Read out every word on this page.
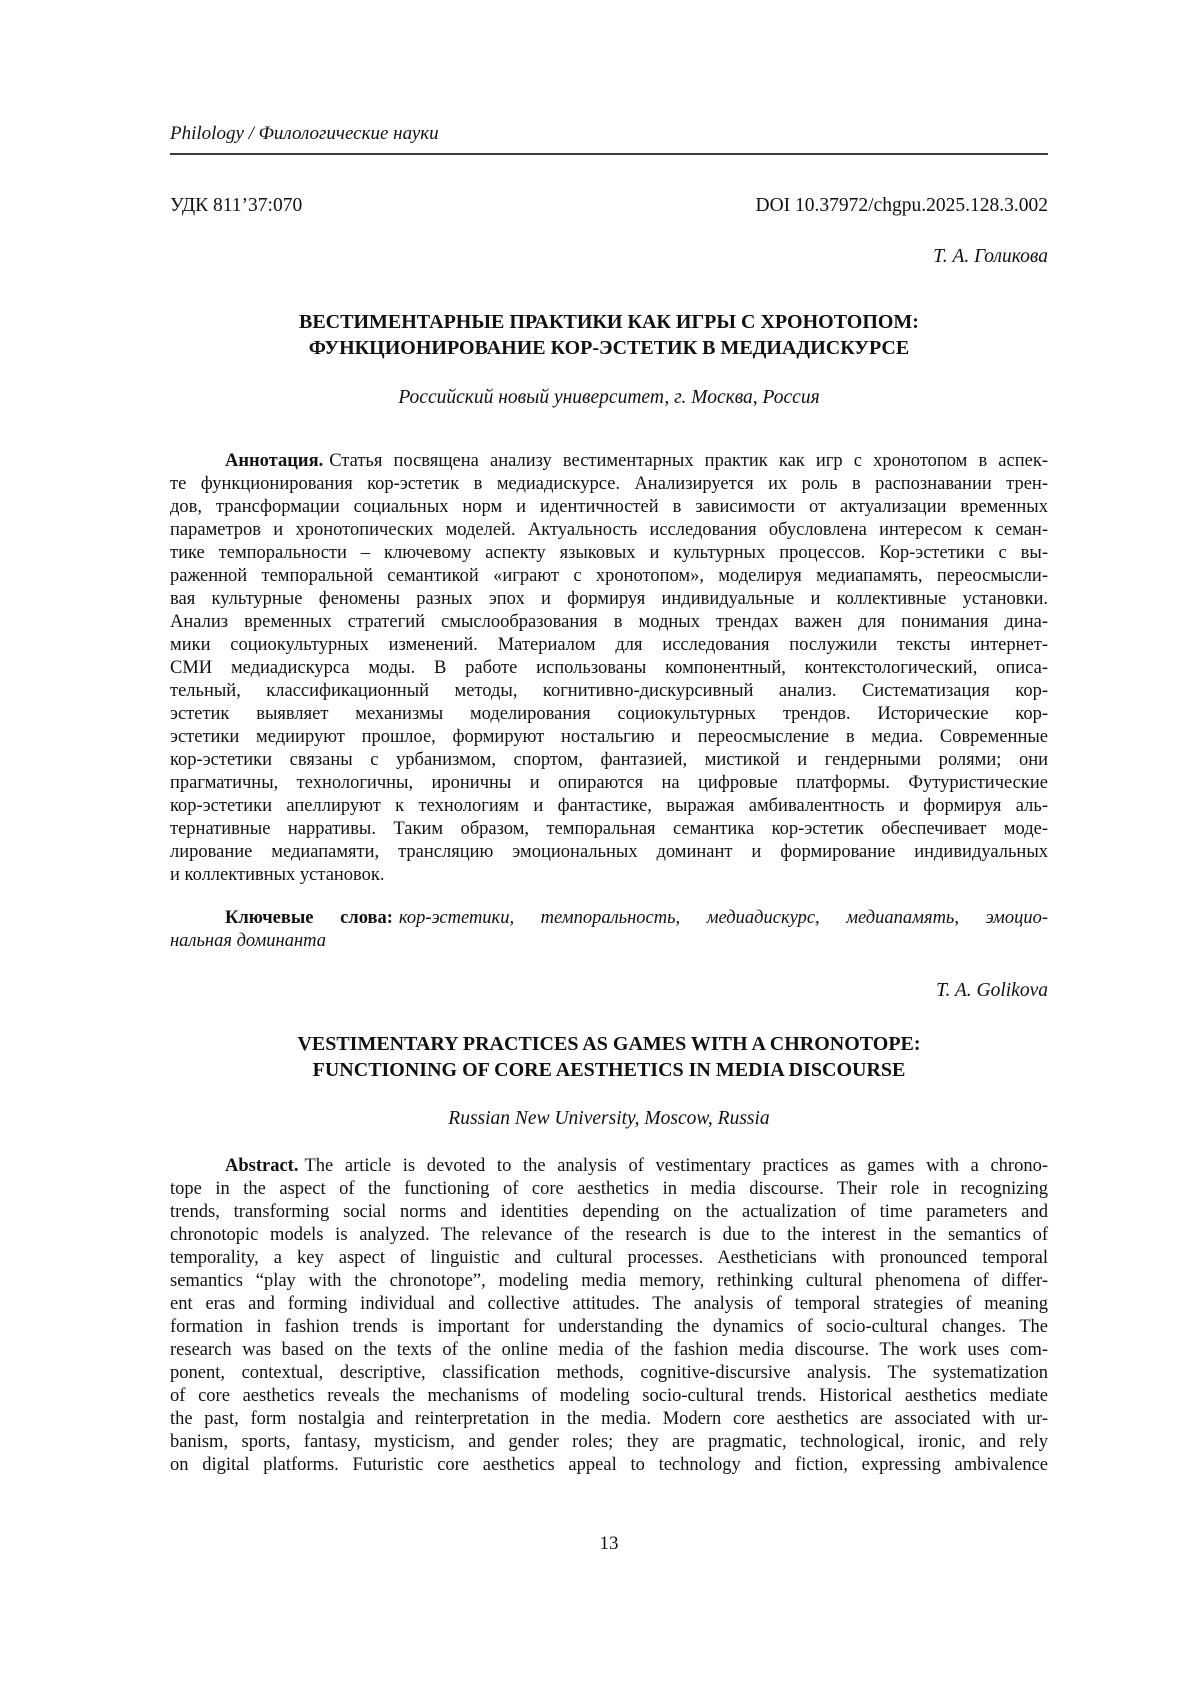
Philology / Филологические науки
УДК 811’37:070	DOI 10.37972/chgpu.2025.128.3.002
Т. А. Голикова
ВЕСТИМЕНТАРНЫЕ ПРАКТИКИ КАК ИГРЫ С ХРОНОТОПОМ:
ФУНКЦИОНИРОВАНИЕ КОР-ЭСТЕТИК В МЕДИАДИСКУРСЕ
Российский новый университет, г. Москва, Россия
Аннотация. Статья посвящена анализу вестиментарных практик как игр с хронотопом в аспек-
те функционирования кор-эстетик в медиадискурсе. Анализируется их роль в распознавании трен-
дов, трансформации социальных норм и идентичностей в зависимости от актуализации временных
параметров и хронотопических моделей. Актуальность исследования обусловлена интересом к семан-
тике темпоральности – ключевому аспекту языковых и культурных процессов. Кор-эстетики с вы-
раженной темпоральной семантикой «играют с хронотопом», моделируя медиапамять, переосмысли-
вая культурные феномены разных эпох и формируя индивидуальные и коллективные установки.
Анализ временных стратегий смыслообразования в модных трендах важен для понимания дина-
мики социокультурных изменений. Материалом для исследования послужили тексты интернет-
СМИ медиадискурса моды. В работе использованы компонентный, контекстологический, описа-
тельный, классификационный методы, когнитивно-дискурсивный анализ. Систематизация кор-
эстетик выявляет механизмы моделирования социокультурных трендов. Исторические кор-
эстетики медиируют прошлое, формируют ностальгию и переосмысление в медиа. Современные
кор-эстетики связаны с урбанизмом, спортом, фантазией, мистикой и гендерными ролями; они
прагматичны, технологичны, ироничны и опираются на цифровые платформы. Футуристические
кор-эстетики апеллируют к технологиям и фантастике, выражая амбивалентность и формируя аль-
тернативные нарративы. Таким образом, темпоральная семантика кор-эстетик обеспечивает моде-
лирование медиапамяти, трансляцию эмоциональных доминант и формирование индивидуальных
и коллективных установок.
Ключевые слова: кор-эстетики, темпоральность, медиадискурс, медиапамять, эмоцио-
нальная доминанта
T. A. Golikova
VESTIMENTARY PRACTICES AS GAMES WITH A CHRONOTOPE:
FUNCTIONING OF CORE AESTHETICS IN MEDIA DISCOURSE
Russian New University, Moscow, Russia
Abstract. The article is devoted to the analysis of vestimentary practices as games with a chrono-
tope in the aspect of the functioning of core aesthetics in media discourse. Their role in recognizing
trends, transforming social norms and identities depending on the actualization of time parameters and
chronotopic models is analyzed. The relevance of the research is due to the interest in the semantics of
temporality, a key aspect of linguistic and cultural processes. Aestheticians with pronounced temporal
semantics “play with the chronotope”, modeling media memory, rethinking cultural phenomena of differ-
ent eras and forming individual and collective attitudes. The analysis of temporal strategies of meaning
formation in fashion trends is important for understanding the dynamics of socio-cultural changes. The
research was based on the texts of the online media of the fashion media discourse. The work uses com-
ponent, contextual, descriptive, classification methods, cognitive-discursive analysis. The systematization
of core aesthetics reveals the mechanisms of modeling socio-cultural trends. Historical aesthetics mediate
the past, form nostalgia and reinterpretation in the media. Modern core aesthetics are associated with ur-
banism, sports, fantasy, mysticism, and gender roles; they are pragmatic, technological, ironic, and rely
on digital platforms. Futuristic core aesthetics appeal to technology and fiction, expressing ambivalence
13
